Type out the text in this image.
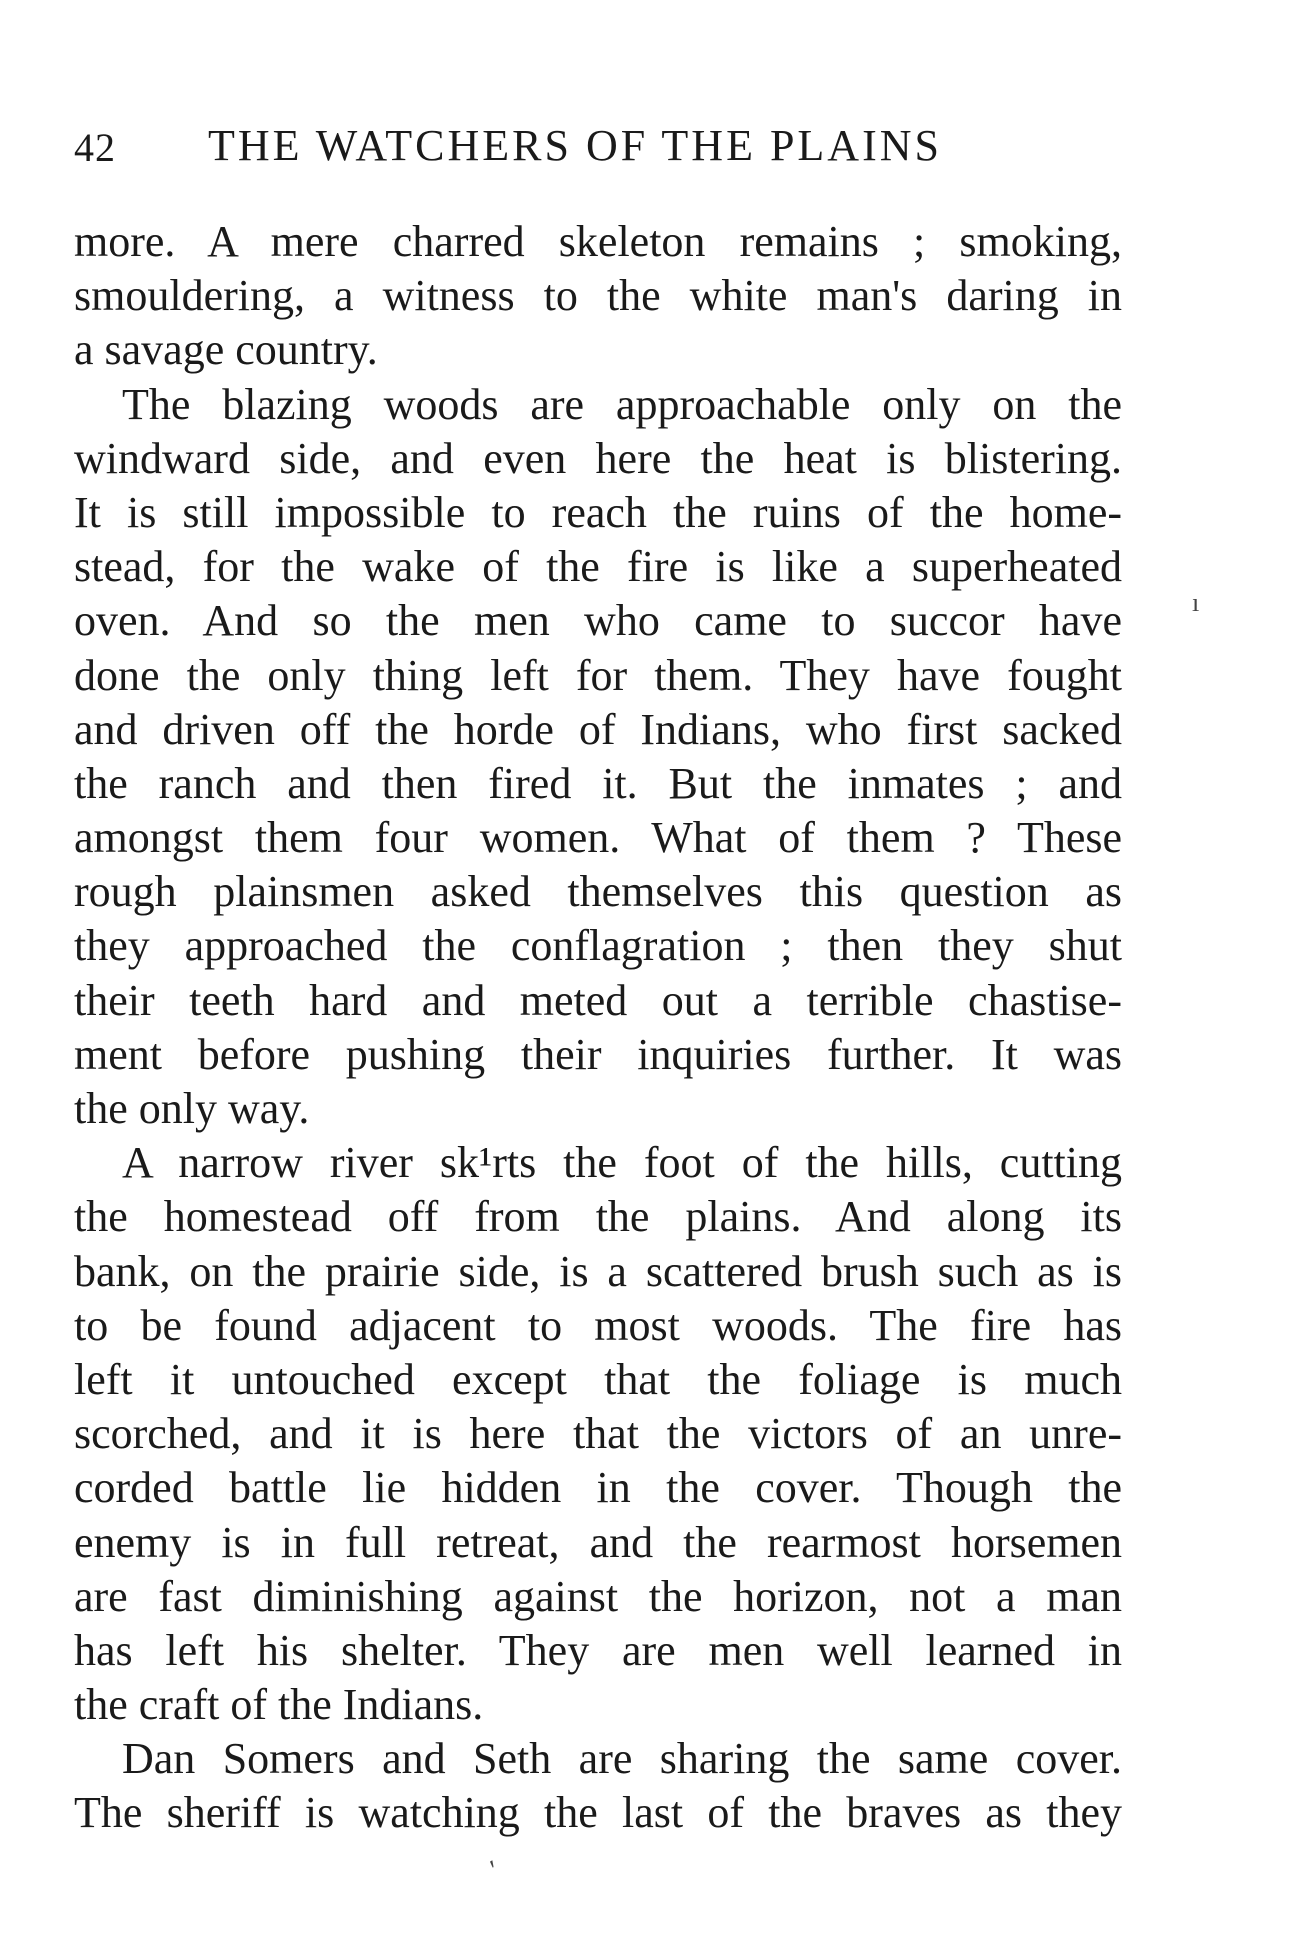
42 THE WATCHERS OF THE PLAINS

more. A mere charred skeleton remains ; smoking,
smouldering, a witness to the white man's daring in
a savage country.

The blazing woods are approachable only on the
windward side, and even here the heat is blistering.
It is still impossible to reach the ruins of the home-
stead, for the wake of the fire is like a superheated
oven. And so the men who came to succor have
done the only thing left for them. They have fought
and driven off the horde of Indians, who first sacked
the ranch and then fired it. But the inmates ; and
amongst them four women. What of them ? These
rough plainsmen asked themselves this question as
they approached the conflagration ; then they shut
their teeth hard and meted out a terrible chastise-
ment before pushing their inquiries further. It was
the only way.

A narrow river sk¹rts the foot of the hills, cutting
the homestead off from the plains. And along its
bank, on the prairie side, is a scattered brush such as is
to be found adjacent to most woods. The fire has
left it untouched except that the foliage is much
scorched, and it is here that the victors of an unre-
corded battle lie hidden in the cover. Though the
enemy is in full retreat, and the rearmost horsemen
are fast diminishing against the horizon, not a man
has left his shelter. They are men well learned in
the craft of the Indians.

Dan Somers and Seth are sharing the same cover.
The sheriff is watching the last of the braves as they

ı
′
